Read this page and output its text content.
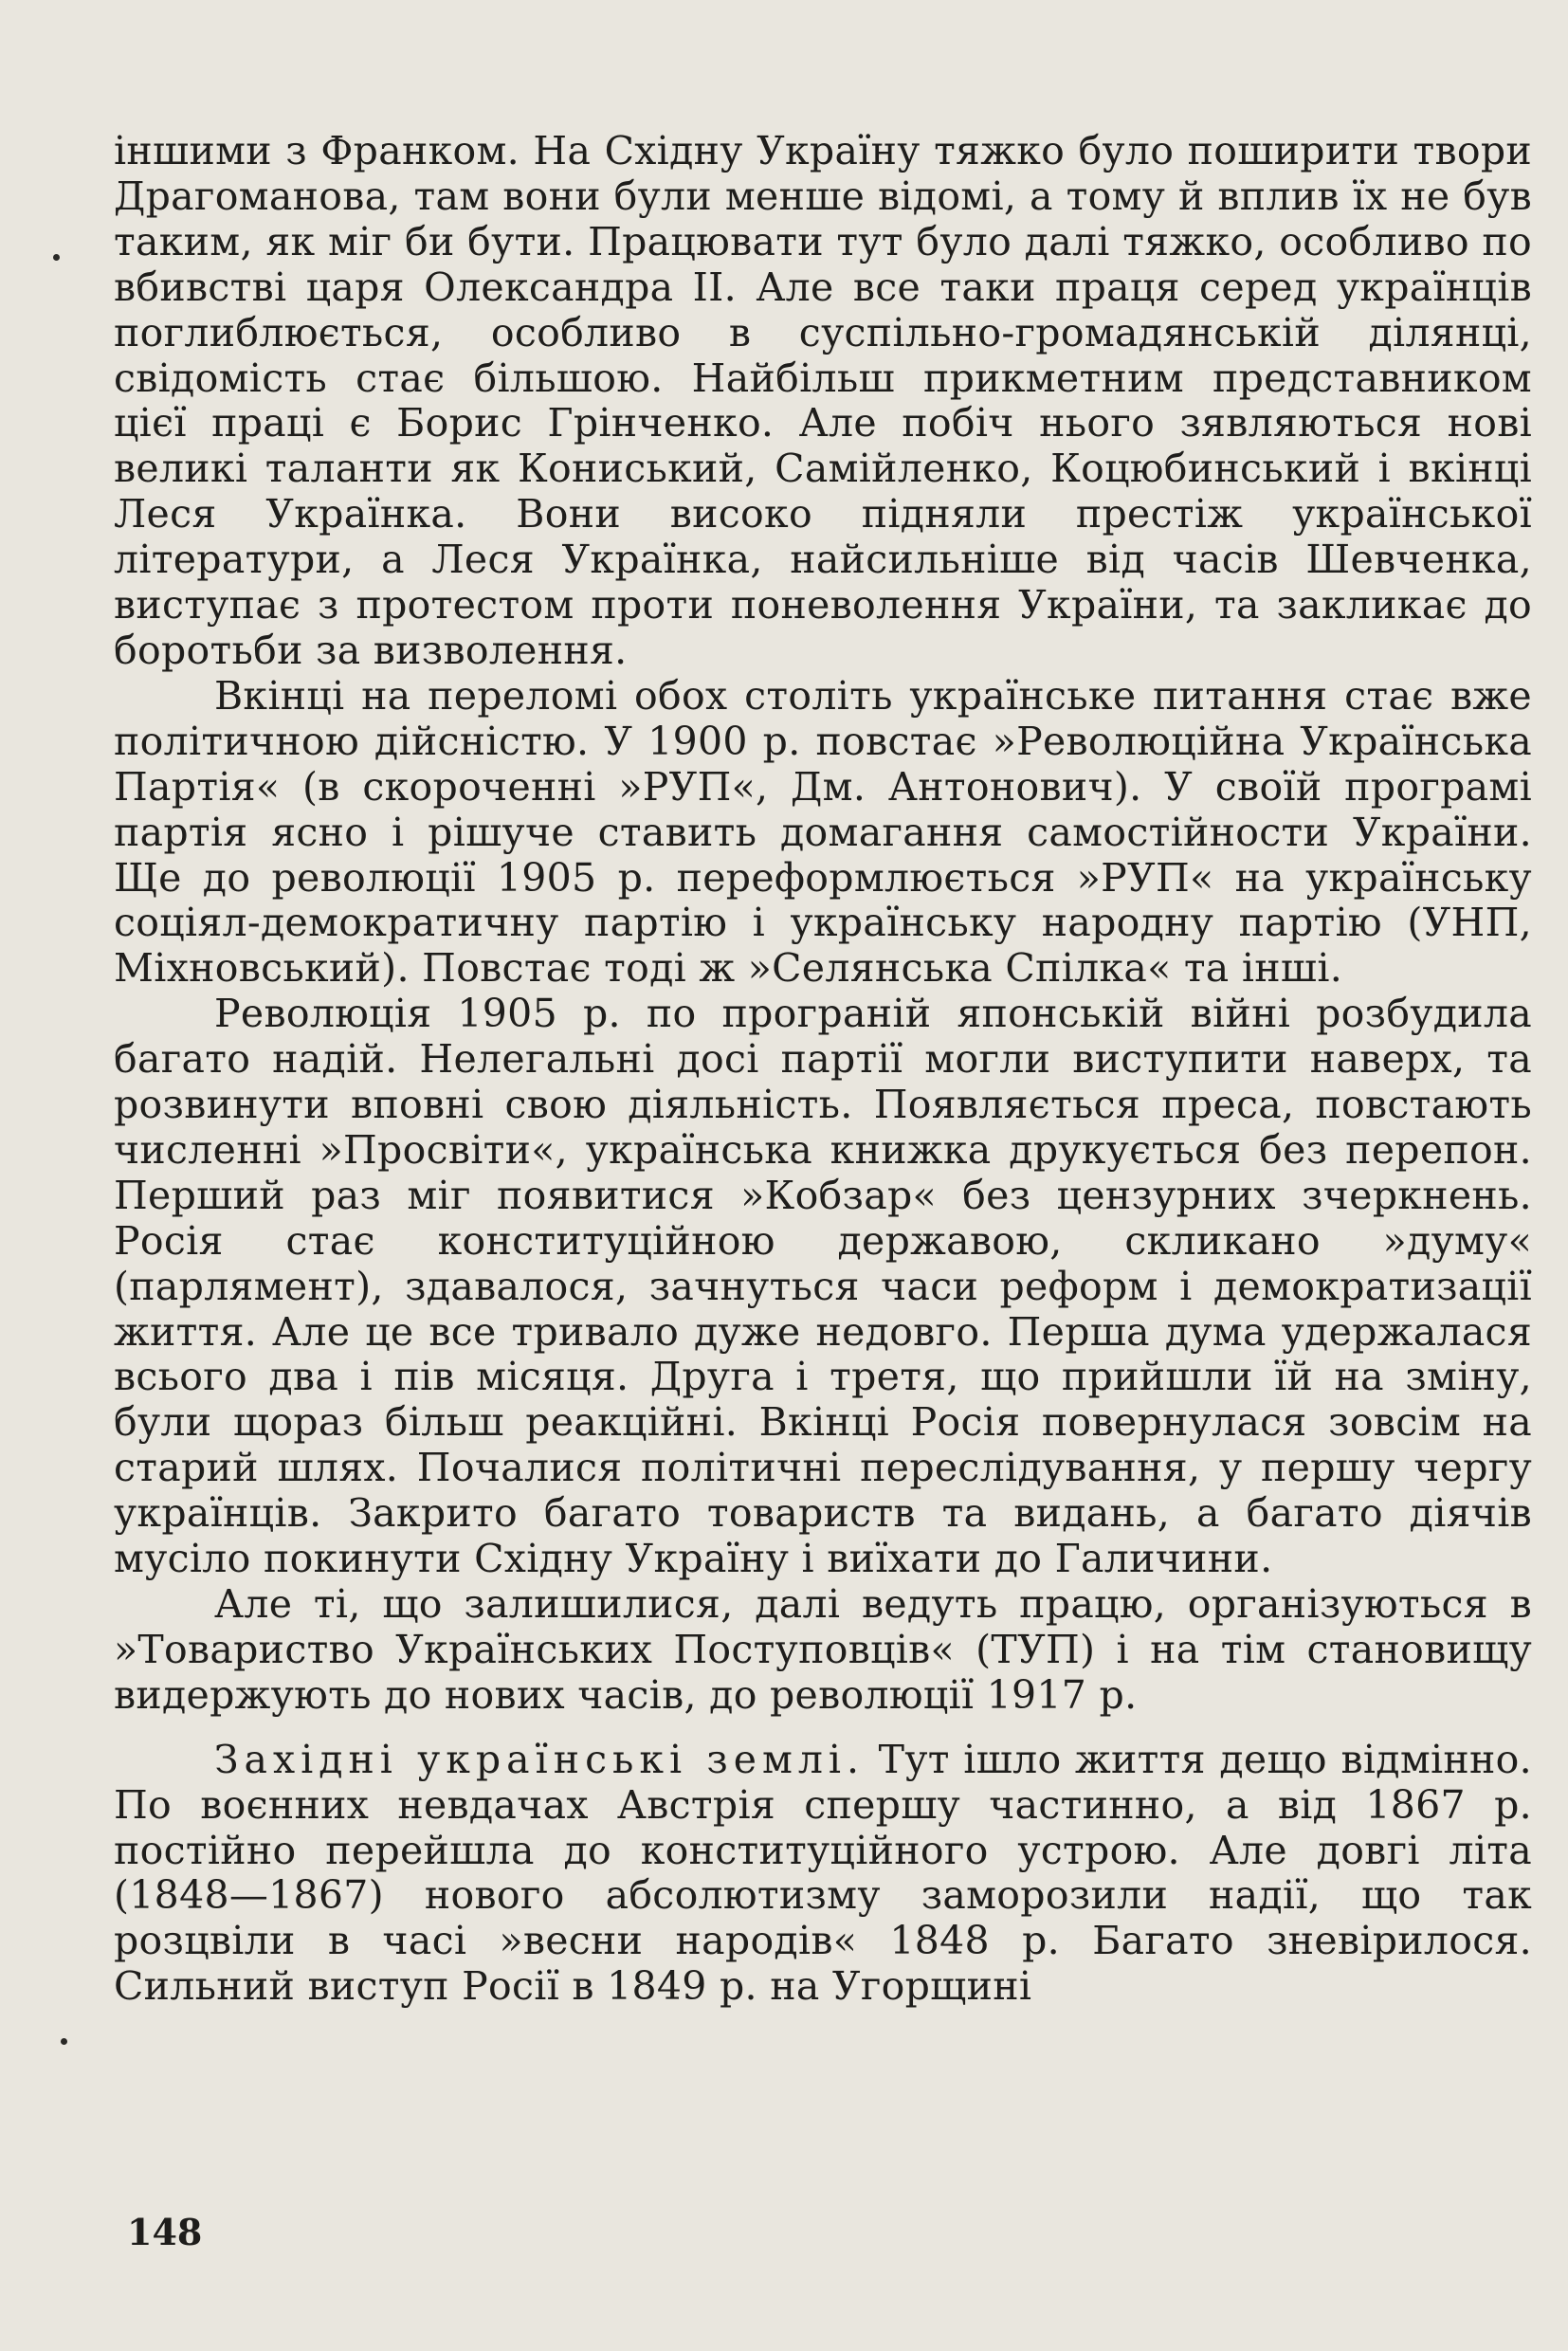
іншими з Франком. На Східну Україну тяжко було поширити твори Драгоманова, там вони були менше відомі, а тому й вплив їх не був таким, як міг би бути. Працювати тут було далі тяжко, особливо по вбивстві царя Олександра II. Але все таки праця серед українців поглиблюється, особливо в суспільно-громадянській ділянці, свідомість стає більшою. Найбільш прикметним представником цієї праці є Борис Грінченко. Але побіч нього зявляються нові великі таланти як Кониський, Самійленко, Коцюбинський і вкінці Леся Українка. Вони високо підняли престіж української літератури, а Леся Українка, найсильніше від часів Шевченка, виступає з протестом проти поневолення України, та закликає до боротьби за визволення.

Вкінці на переломі обох століть українське питання стає вже політичною дійсністю. У 1900 р. повстає »Революційна Українська Партія« (в скороченні »РУП«, Дм. Антонович). У своїй програмі партія ясно і рішуче ставить домагання самостійности України. Ще до революції 1905 р. переформлюється »РУП« на українську соціял-демократичну партію і українську народну партію (УНП, Міхновський). Повстає тоді ж »Селянська Спілка« та інші.

Революція 1905 р. по програній японській війні розбудила багато надій. Нелегальні досі партії могли виступити наверх, та розвинути вповні свою діяльність. Появляється преса, повстають численні »Просвіти«, українська книжка друкується без перепон. Перший раз міг появитися »Кобзар« без цензурних зчеркнень. Росія стає конституційною державою, скликано »думу« (парлямент), здавалося, зачнуться часи реформ і демократизації життя. Але це все тривало дуже недовго. Перша дума удержалася всього два і пів місяця. Друга і третя, що прийшли їй на зміну, були щораз більш реакційні. Вкінці Росія повернулася зовсім на старий шлях. Почалися політичні переслідування, у першу чергу українців. Закрито багато товариств та видань, а багато діячів мусіло покинути Східну Україну і виїхати до Галичини.

Але ті, що залишилися, далі ведуть працю, організуються в »Товариство Українських Поступовців« (ТУП) і на тім становищу видержують до нових часів, до революції 1917 р.

Західні українські землі. Тут ішло життя дещо відмінно. По воєнних невдачах Австрія спершу частинно, а від 1867 р. постійно перейшла до конституційного устрою. Але довгі літа (1848—1867) нового абсолютизму заморозили надії, що так розцвіли в часі »весни народів« 1848 р. Багато зневірилося. Сильний виступ Росії в 1849 р. на Угорщині

148
